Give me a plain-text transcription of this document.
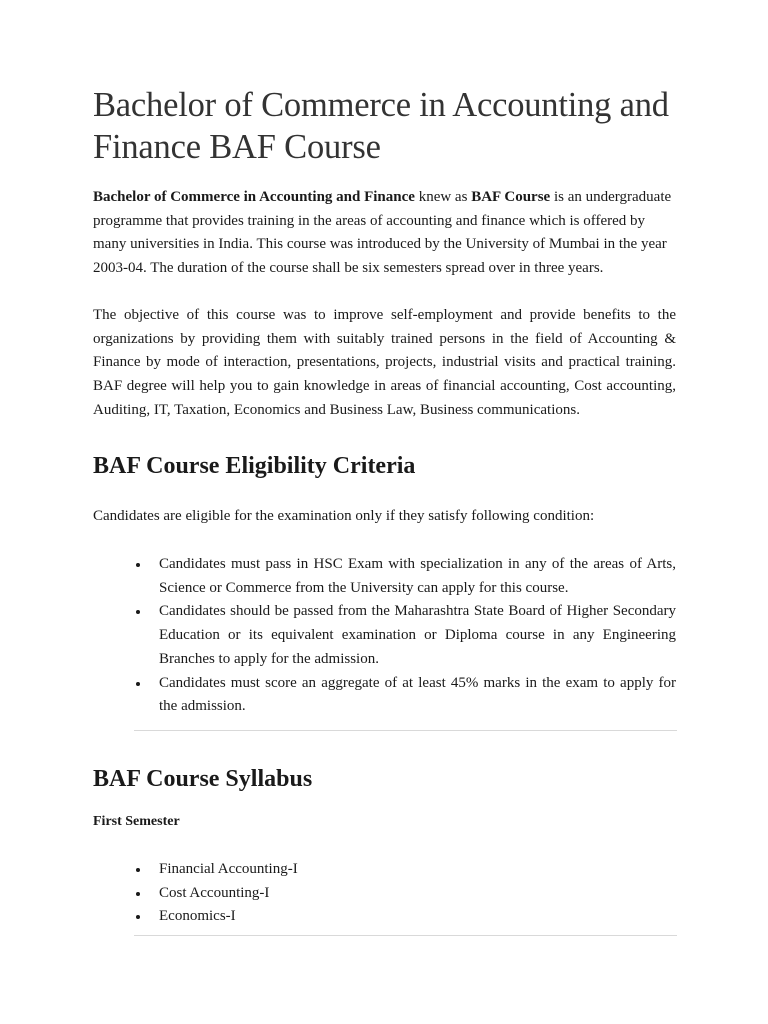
Bachelor of Commerce in Accounting and Finance BAF Course

Bachelor of Commerce in Accounting and Finance knew as BAF Course is an undergraduate programme that provides training in the areas of accounting and finance which is offered by many universities in India. This course was introduced by the University of Mumbai in the year 2003-04. The duration of the course shall be six semesters spread over in three years.

The objective of this course was to improve self-employment and provide benefits to the organizations by providing them with suitably trained persons in the field of Accounting & Finance by mode of interaction, presentations, projects, industrial visits and practical training. BAF degree will help you to gain knowledge in areas of financial accounting, Cost accounting, Auditing, IT, Taxation, Economics and Business Law, Business communications.

BAF Course Eligibility Criteria

Candidates are eligible for the examination only if they satisfy following condition:

Candidates must pass in HSC Exam with specialization in any of the areas of Arts, Science or Commerce from the University can apply for this course.
Candidates should be passed from the Maharashtra State Board of Higher Secondary Education or its equivalent examination or Diploma course in any Engineering Branches to apply for the admission.
Candidates must score an aggregate of at least 45% marks in the exam to apply for the admission.
BAF Course Syllabus
First Semester
Financial Accounting-I
Cost Accounting-I
Economics-I
